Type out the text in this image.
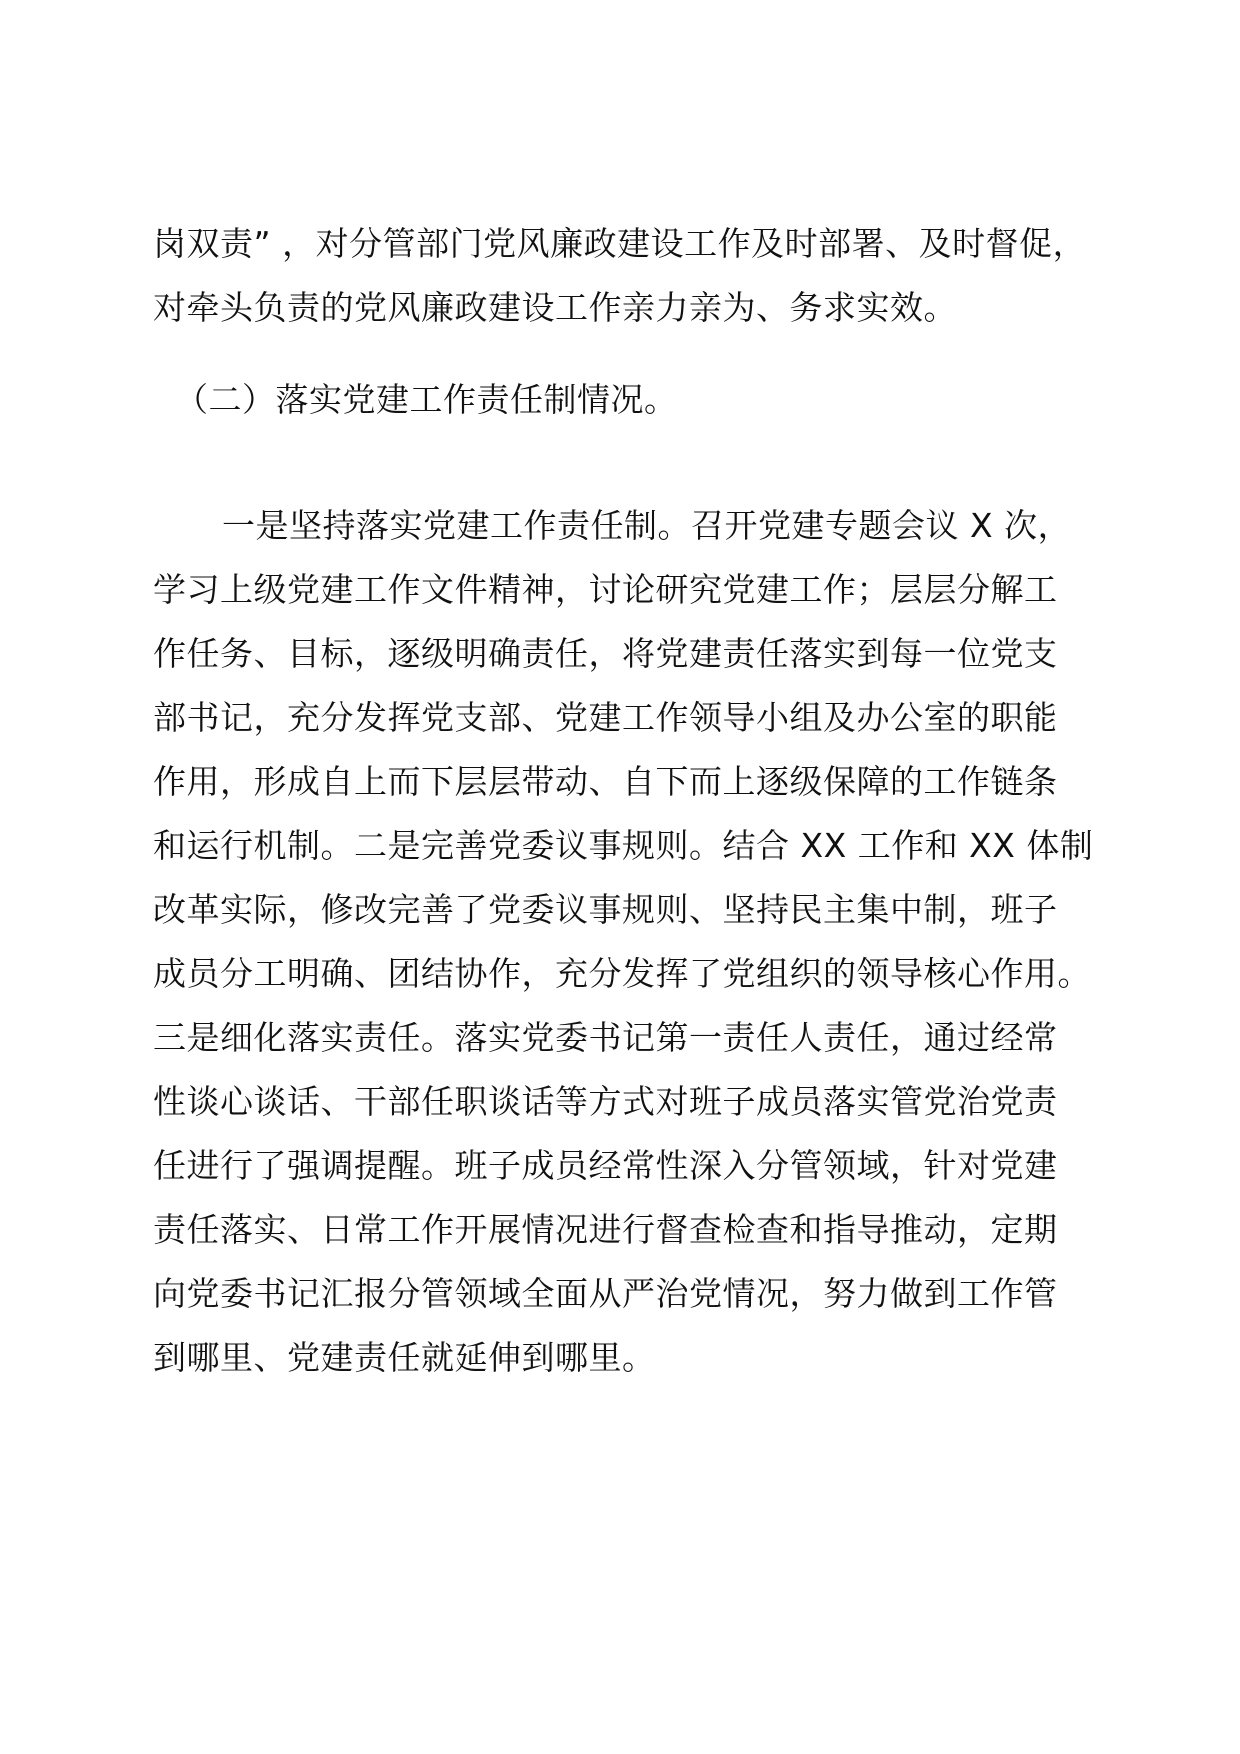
岗双责” ，对分管部门党风廉政建设工作及时部署、及时督促，

对牵头负责的党风廉政建设工作亲力亲为、务求实效。

（二）落实党建工作责任制情况。

一是坚持落实党建工作责任制。召开党建专题会议 X 次，

学习上级党建工作文件精神，讨论研究党建工作；层层分解工

作任务、目标，逐级明确责任，将党建责任落实到每一位党支

部书记，充分发挥党支部、党建工作领导小组及办公室的职能

作用，形成自上而下层层带动、自下而上逐级保障的工作链条

和运行机制。二是完善党委议事规则。结合 XX 工作和 XX 体制

改革实际，修改完善了党委议事规则、坚持民主集中制，班子

成员分工明确、团结协作，充分发挥了党组织的领导核心作用。

三是细化落实责任。落实党委书记第一责任人责任，通过经常

性谈心谈话、干部任职谈话等方式对班子成员落实管党治党责

任进行了强调提醒。班子成员经常性深入分管领域，针对党建

责任落实、日常工作开展情况进行督查检查和指导推动，定期

向党委书记汇报分管领域全面从严治党情况，努力做到工作管

到哪里、党建责任就延伸到哪里。
